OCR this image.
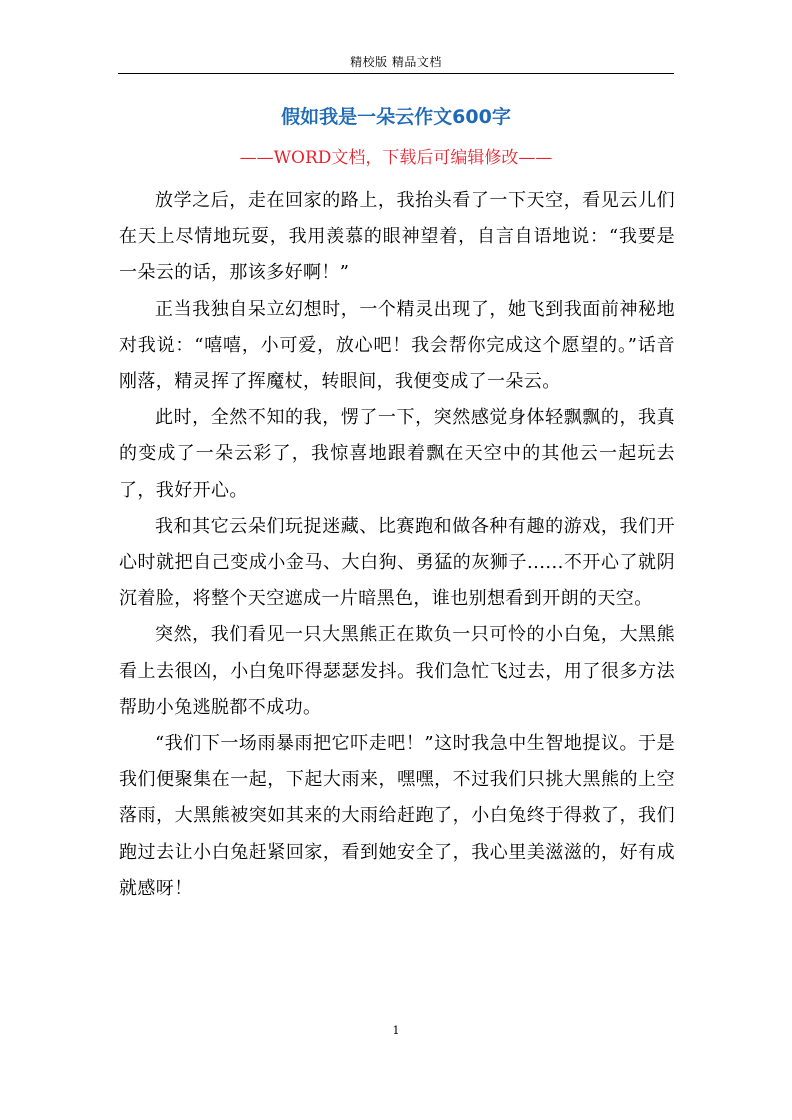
精校版 精品文档
假如我是一朵云作文600字
——WORD文档，下载后可编辑修改——

放学之后，走在回家的路上，我抬头看了一下天空，看见云儿们在天上尽情地玩耍，我用羡慕的眼神望着，自言自语地说：“我要是一朵云的话，那该多好啊！”

正当我独自呆立幻想时，一个精灵出现了，她飞到我面前神秘地对我说：“嘻嘻，小可爱，放心吧！我会帮你完成这个愿望的。”话音刚落，精灵挥了挥魔杖，转眼间，我便变成了一朵云。

此时，全然不知的我，愣了一下，突然感觉身体轻飘飘的，我真的变成了一朵云彩了，我惊喜地跟着飘在天空中的其他云一起玩去了，我好开心。

我和其它云朵们玩捉迷藏、比赛跑和做各种有趣的游戏，我们开心时就把自己变成小金马、大白狗、勇猛的灰狮子......不开心了就阴沉着脸，将整个天空遮成一片暗黑色，谁也别想看到开朗的天空。

突然，我们看见一只大黑熊正在欺负一只可怜的小白兔，大黑熊看上去很凶，小白兔吓得瑟瑟发抖。我们急忙飞过去，用了很多方法帮助小兔逃脱都不成功。

“我们下一场雨暴雨把它吓走吧！”这时我急中生智地提议。于是我们便聚集在一起，下起大雨来，嘿嘿，不过我们只挑大黑熊的上空落雨，大黑熊被突如其来的大雨给赶跑了，小白兔终于得救了，我们跑过去让小白兔赶紧回家，看到她安全了，我心里美滋滋的，好有成就感呀！

1
